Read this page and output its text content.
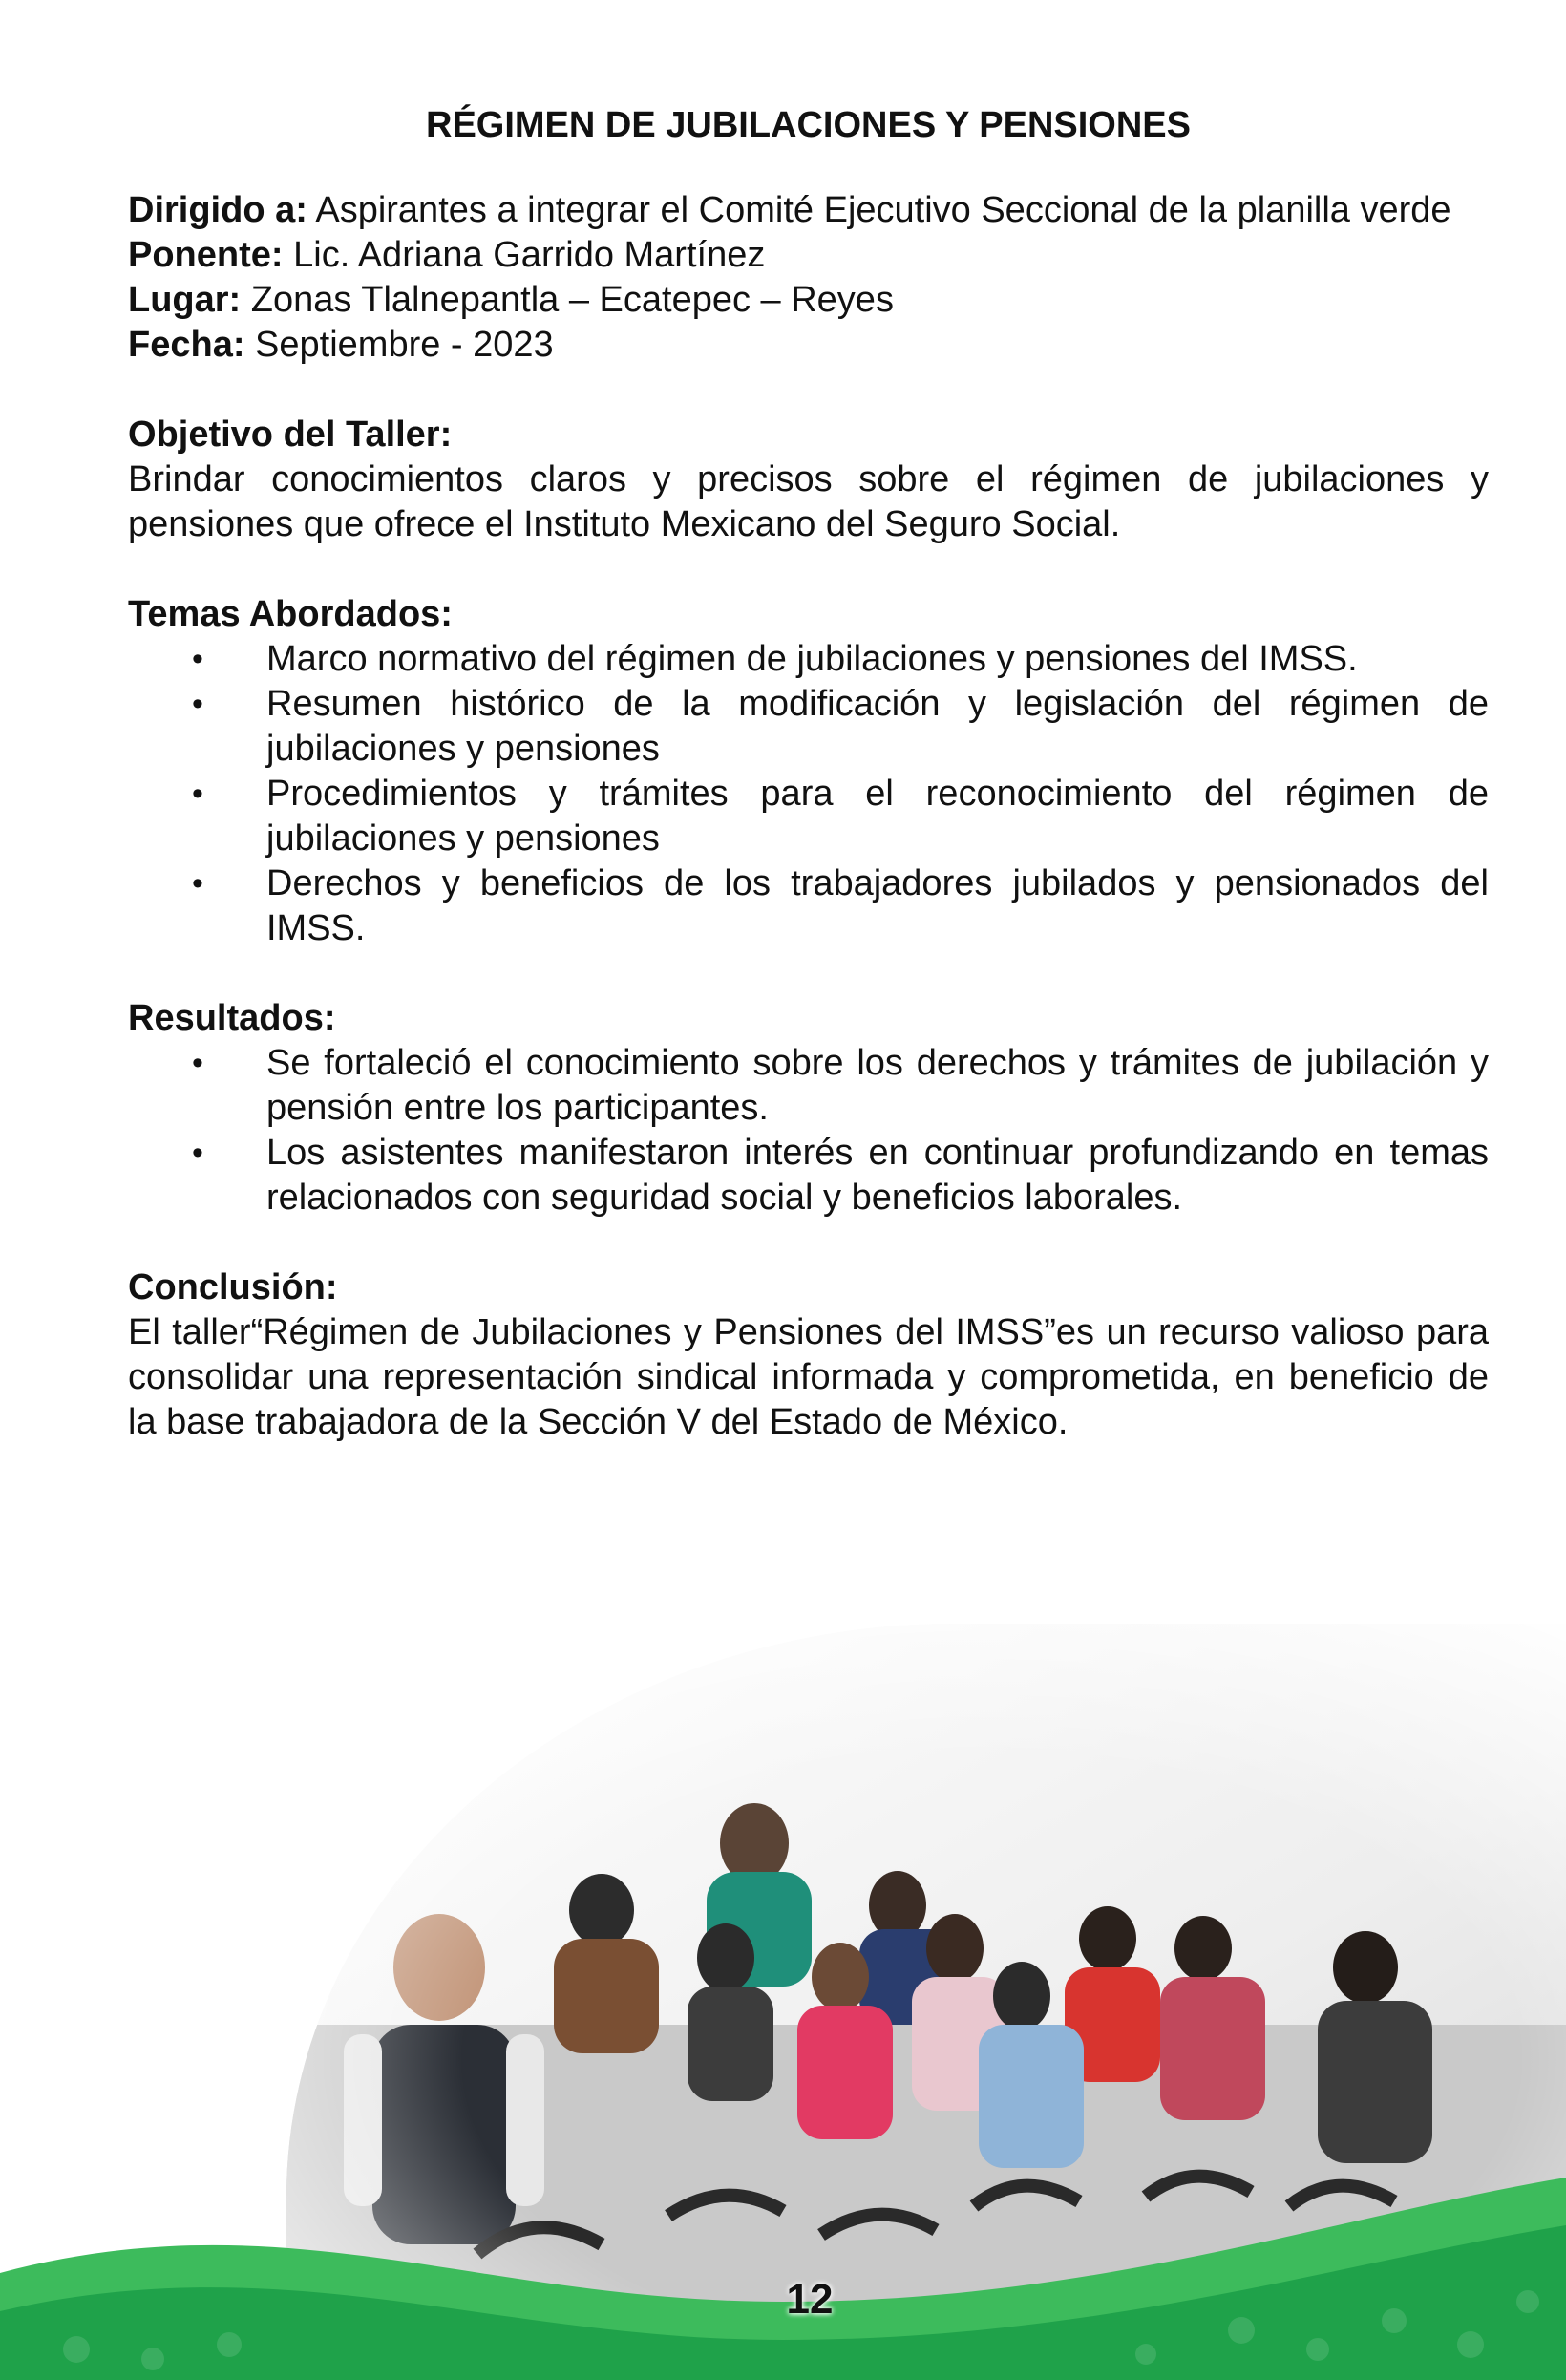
RÉGIMEN DE JUBILACIONES Y PENSIONES

Dirigido a: Aspirantes a integrar el Comité Ejecutivo Seccional de la planilla verde

Ponente: Lic. Adriana Garrido Martínez

Lugar: Zonas Tlalnepantla – Ecatepec – Reyes

Fecha: Septiembre - 2023

Objetivo del Taller:

Brindar conocimientos claros y precisos sobre el régimen de jubilaciones y pensiones que ofrece el Instituto Mexicano del Seguro Social.

Temas Abordados:

• Marco normativo del régimen de jubilaciones y pensiones del IMSS.
• Resumen histórico de la modificación y legislación del régimen de jubilaciones y pensiones
• Procedimientos y trámites para el reconocimiento del régimen de jubilaciones y pensiones
• Derechos y beneficios de los trabajadores jubilados y pensionados del IMSS.

Resultados:

• Se fortaleció el conocimiento sobre los derechos y trámites de jubilación y pensión entre los participantes.
• Los asistentes manifestaron interés en continuar profundizando en temas relacionados con seguridad social y beneficios laborales.

Conclusión:

El taller“Régimen de Jubilaciones y Pensiones del IMSS”es un recurso valioso para consolidar una representación sindical informada y comprometida, en beneficio de la base trabajadora de la Sección V del Estado de México.

12
